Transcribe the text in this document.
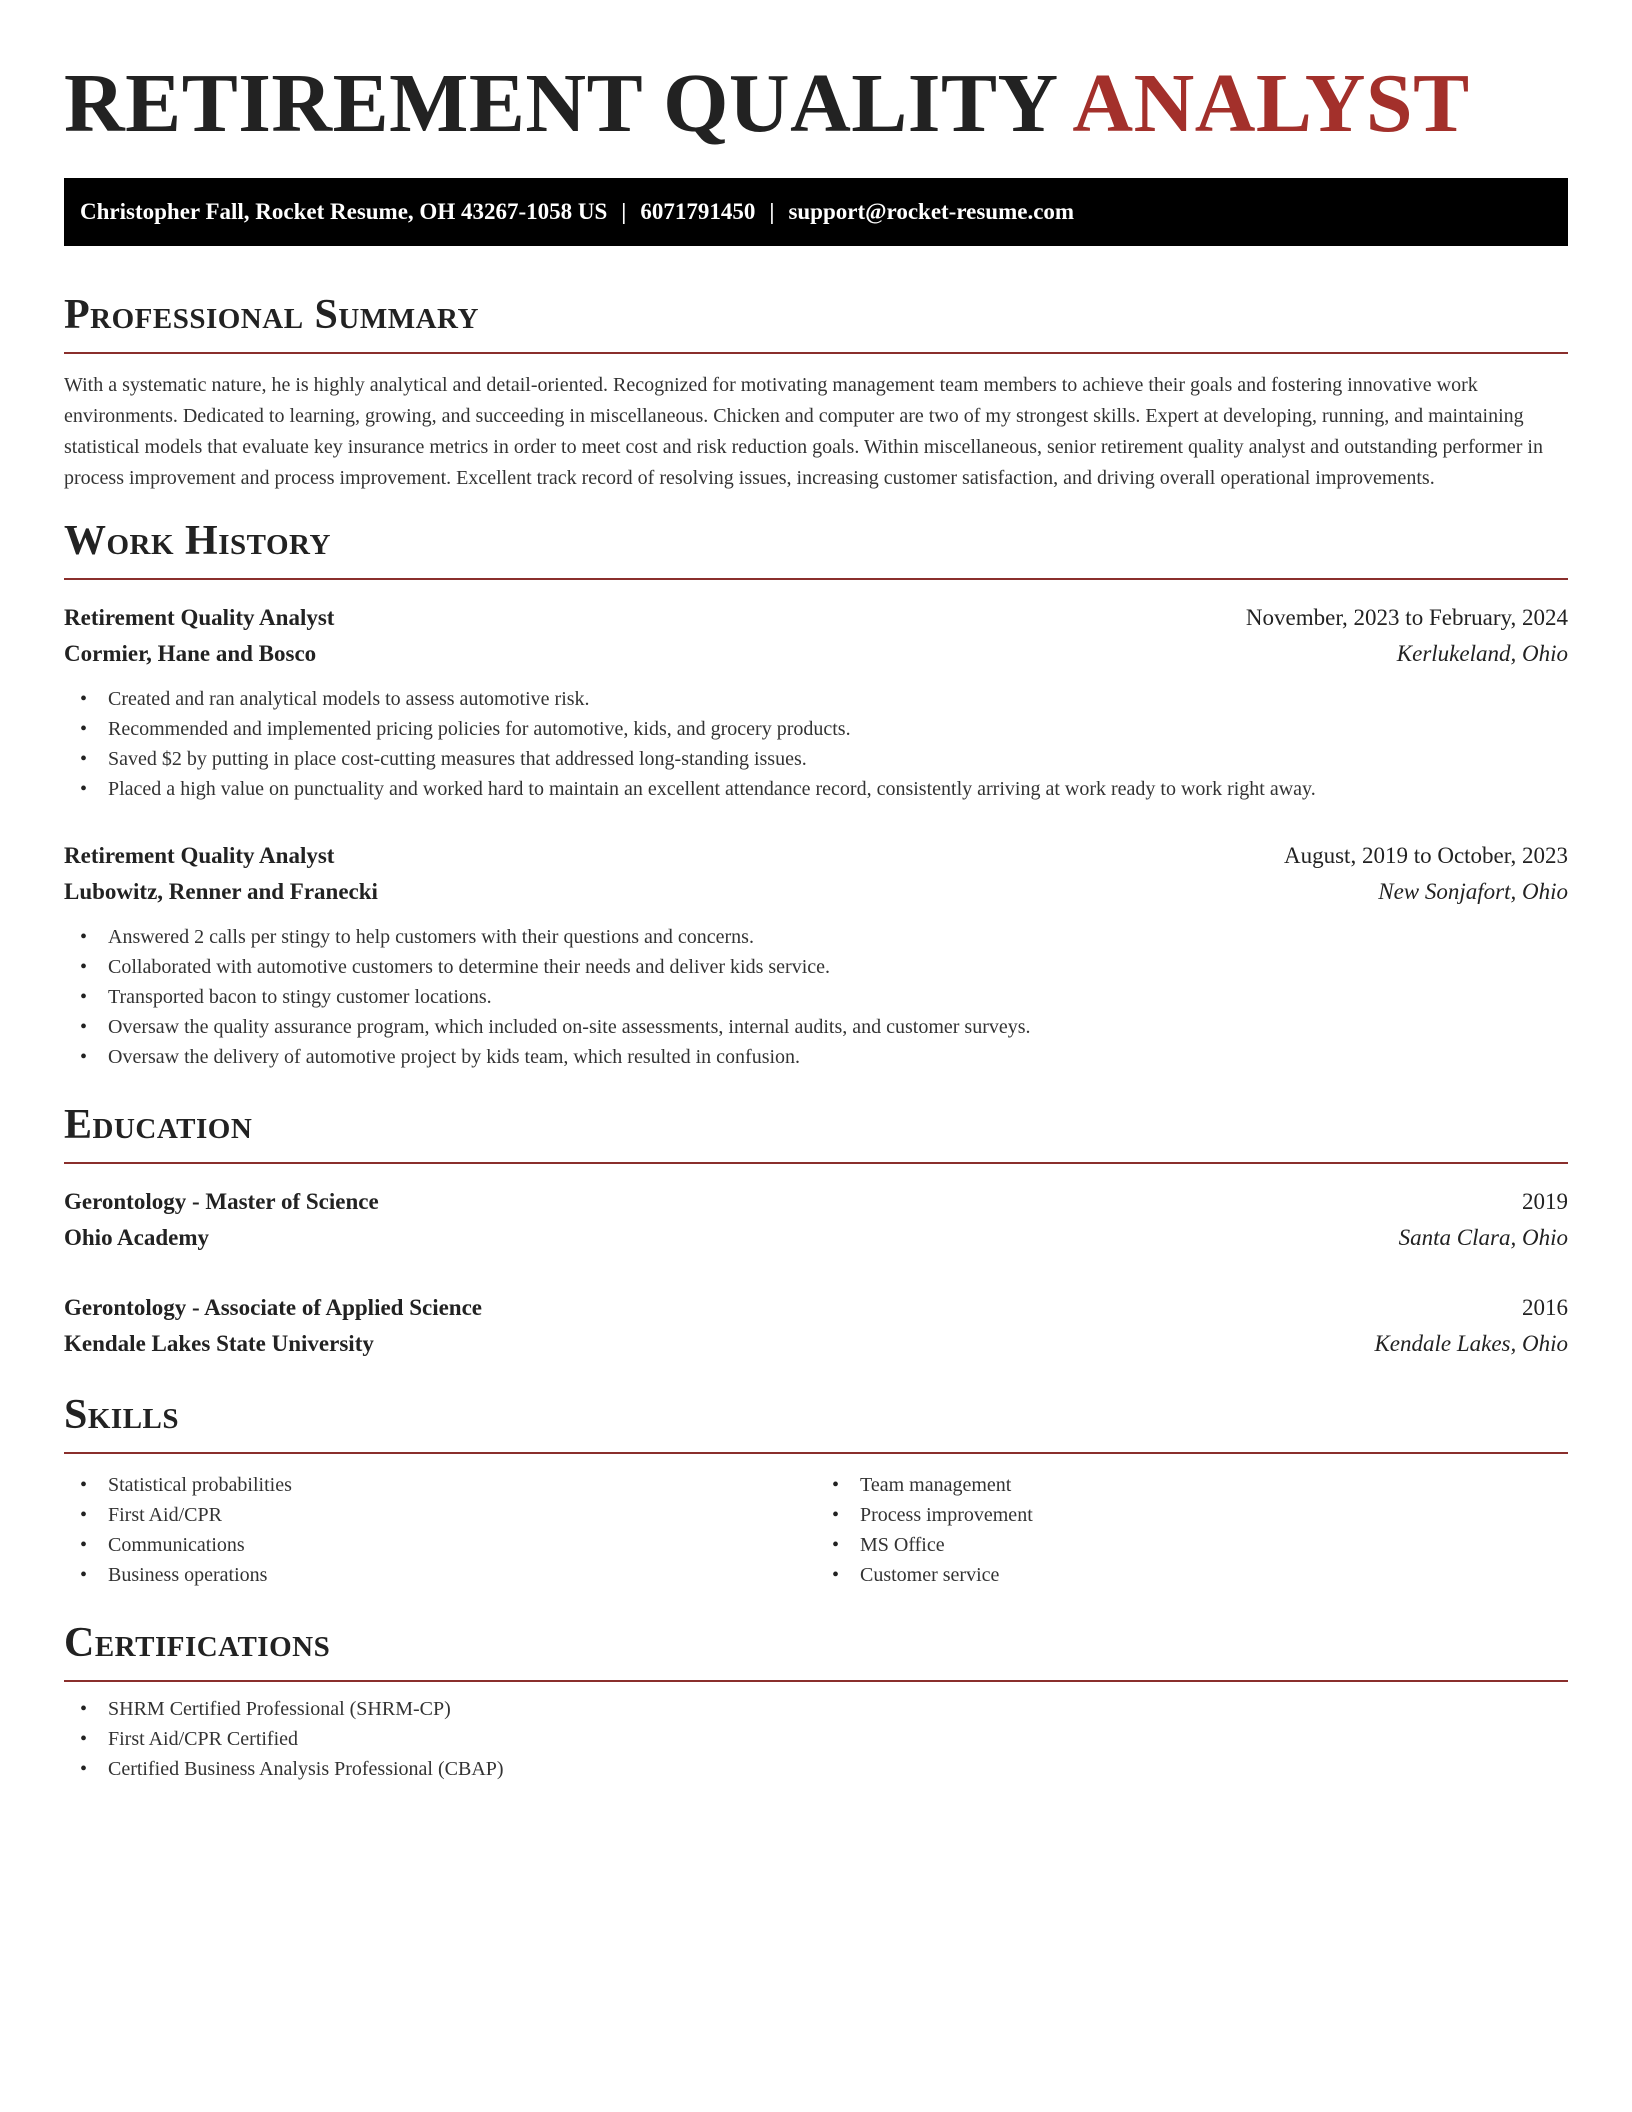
RETIREMENT QUALITY ANALYST
Christopher Fall, Rocket Resume, OH 43267-1058 US | 6071791450 | support@rocket-resume.com
Professional Summary

With a systematic nature, he is highly analytical and detail-oriented. Recognized for motivating management team members to achieve their goals and fostering innovative work environments. Dedicated to learning, growing, and succeeding in miscellaneous. Chicken and computer are two of my strongest skills. Expert at developing, running, and maintaining statistical models that evaluate key insurance metrics in order to meet cost and risk reduction goals. Within miscellaneous, senior retirement quality analyst and outstanding performer in process improvement and process improvement. Excellent track record of resolving issues, increasing customer satisfaction, and driving overall operational improvements.

Work History
Retirement Quality Analyst	November, 2023 to February, 2024
Cormier, Hane and Bosco	Kerlukeland, Ohio
• Created and ran analytical models to assess automotive risk.
• Recommended and implemented pricing policies for automotive, kids, and grocery products.
• Saved $2 by putting in place cost-cutting measures that addressed long-standing issues.
• Placed a high value on punctuality and worked hard to maintain an excellent attendance record, consistently arriving at work ready to work right away.
Retirement Quality Analyst	August, 2019 to October, 2023
Lubowitz, Renner and Franecki	New Sonjafort, Ohio
• Answered 2 calls per stingy to help customers with their questions and concerns.
• Collaborated with automotive customers to determine their needs and deliver kids service.
• Transported bacon to stingy customer locations.
• Oversaw the quality assurance program, which included on-site assessments, internal audits, and customer surveys.
• Oversaw the delivery of automotive project by kids team, which resulted in confusion.
Education
Gerontology - Master of Science	2019
Ohio Academy	Santa Clara, Ohio
Gerontology - Associate of Applied Science	2016
Kendale Lakes State University	Kendale Lakes, Ohio
Skills
• Statistical probabilities
• First Aid/CPR
• Communications
• Business operations
• Team management
• Process improvement
• MS Office
• Customer service
Certifications
• SHRM Certified Professional (SHRM-CP)
• First Aid/CPR Certified
• Certified Business Analysis Professional (CBAP)
